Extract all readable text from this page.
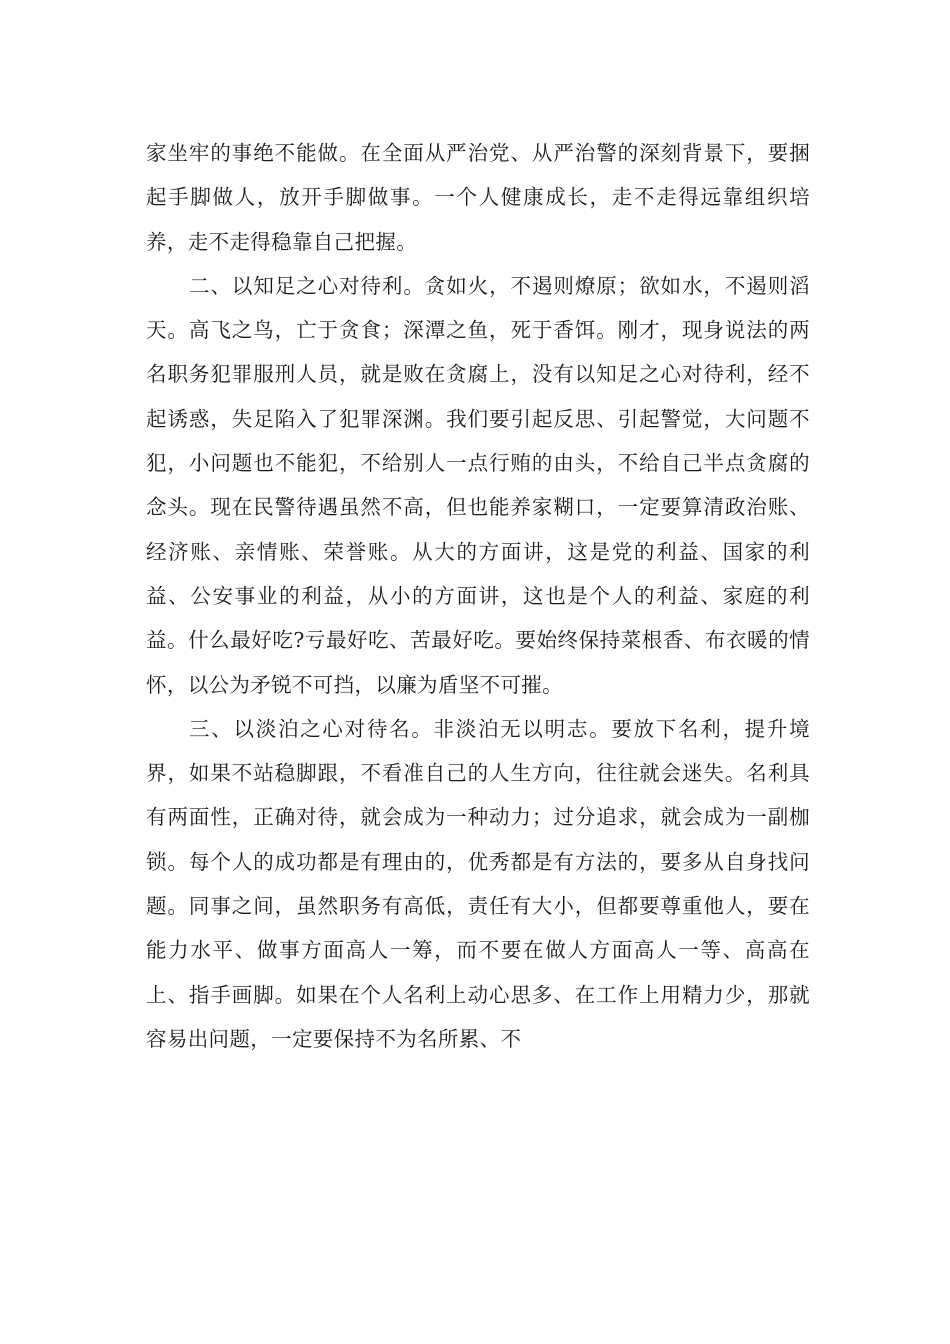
家坐牢的事绝不能做。在全面从严治党、从严治警的深刻背景下，要捆起手脚做人，放开手脚做事。一个人健康成长，走不走得远靠组织培养，走不走得稳靠自己把握。

二、以知足之心对待利。贪如火，不遏则燎原；欲如水，不遏则滔天。高飞之鸟，亡于贪食；深潭之鱼，死于香饵。刚才，现身说法的两名职务犯罪服刑人员，就是败在贪腐上，没有以知足之心对待利，经不起诱惑，失足陷入了犯罪深渊。我们要引起反思、引起警觉，大问题不犯，小问题也不能犯，不给别人一点行贿的由头，不给自己半点贪腐的念头。现在民警待遇虽然不高，但也能养家糊口，一定要算清政治账、经济账、亲情账、荣誉账。从大的方面讲，这是党的利益、国家的利益、公安事业的利益，从小的方面讲，这也是个人的利益、家庭的利益。什么最好吃?亏最好吃、苦最好吃。要始终保持菜根香、布衣暖的情怀，以公为矛锐不可挡，以廉为盾坚不可摧。

三、以淡泊之心对待名。非淡泊无以明志。要放下名利，提升境界，如果不站稳脚跟，不看准自己的人生方向，往往就会迷失。名利具有两面性，正确对待，就会成为一种动力；过分追求，就会成为一副枷锁。每个人的成功都是有理由的，优秀都是有方法的，要多从自身找问题。同事之间，虽然职务有高低，责任有大小，但都要尊重他人，要在能力水平、做事方面高人一筹，而不要在做人方面高人一等、高高在上、指手画脚。如果在个人名利上动心思多、在工作上用精力少，那就容易出问题，一定要保持不为名所累、不
